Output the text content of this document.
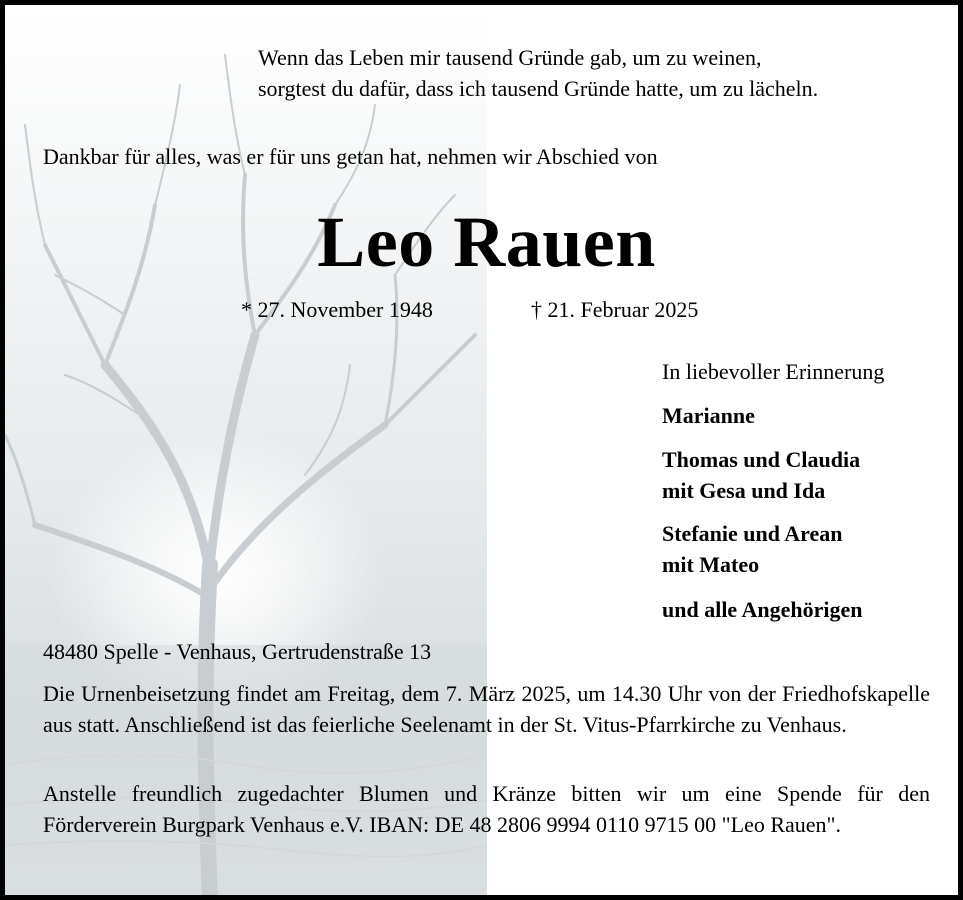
Wenn das Leben mir tausend Gründe gab, um zu weinen,
sorgtest du dafür, dass ich tausend Gründe hatte, um zu lächeln.
Dankbar für alles, was er für uns getan hat, nehmen wir Abschied von
Leo Rauen
* 27. November 1948	† 21. Februar 2025
In liebevoller Erinnerung
Marianne
Thomas und Claudia
mit Gesa und Ida
Stefanie und Arean
mit Mateo
und alle Angehörigen
48480 Spelle - Venhaus, Gertrudenstraße 13
Die Urnenbeisetzung findet am Freitag, dem 7. März 2025, um 14.30 Uhr von der Friedhofskapelle aus statt. Anschließend ist das feierliche Seelenamt in der St. Vitus-Pfarrkirche zu Venhaus.
Anstelle freundlich zugedachter Blumen und Kränze bitten wir um eine Spende für den Förderverein Burgpark Venhaus e.V. IBAN: DE 48 2806 9994 0110 9715 00 "Leo Rauen".
